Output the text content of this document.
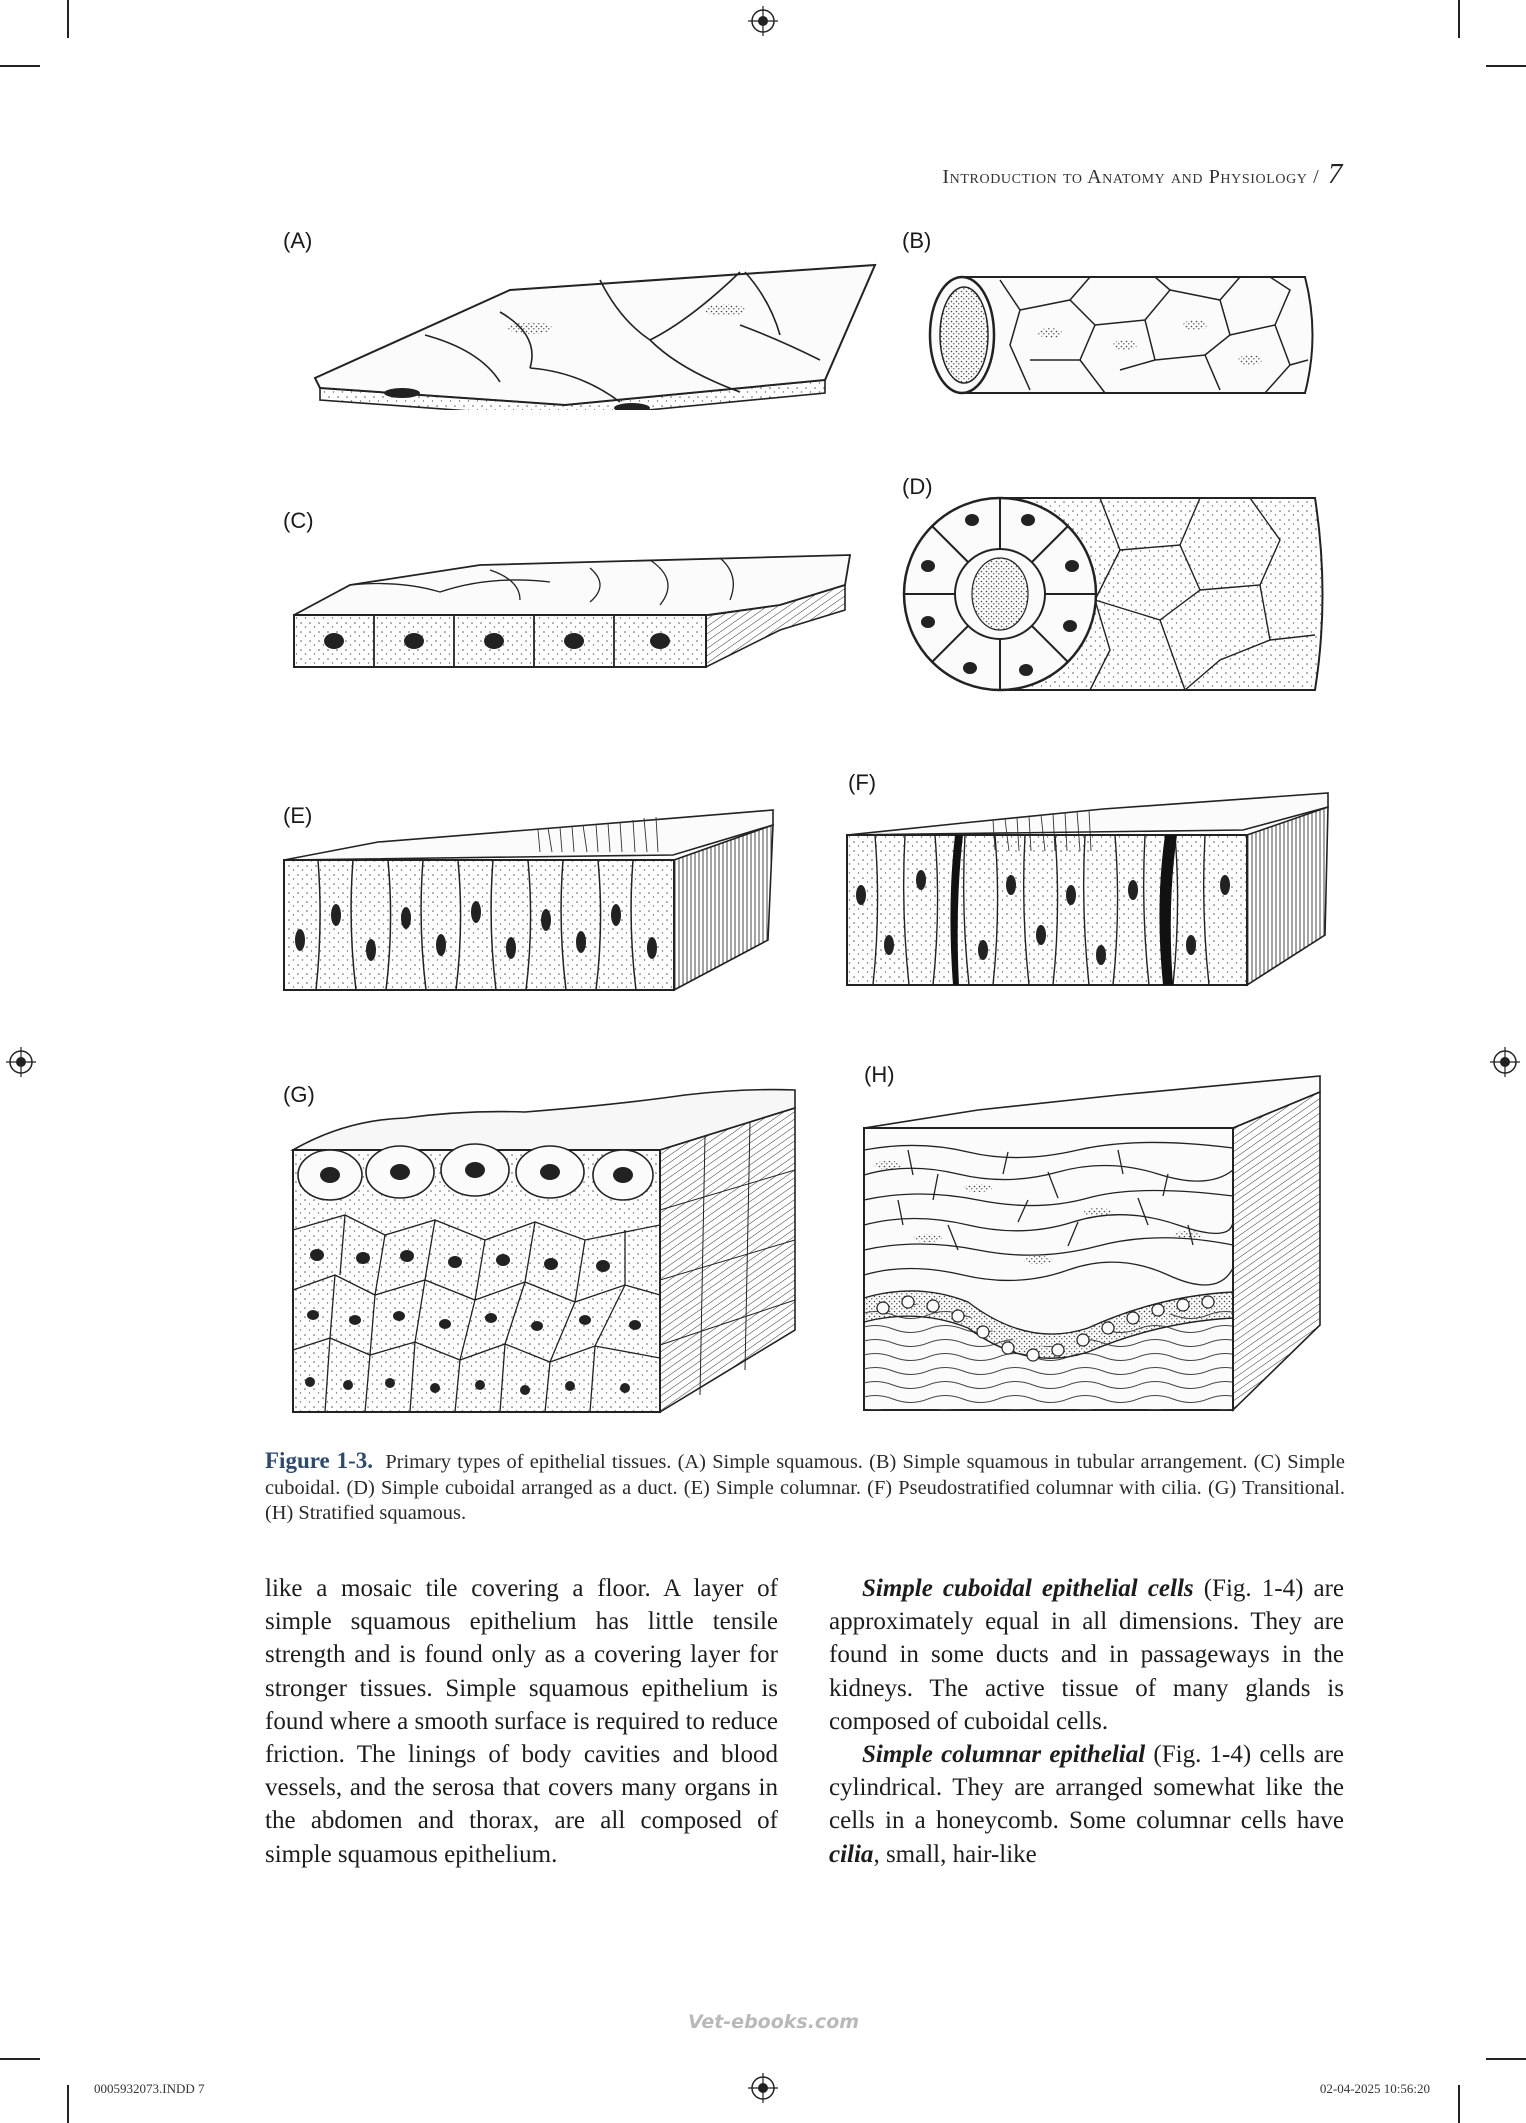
Introduction to Anatomy and Physiology / 7
(A)	(B)
(C)
(D)
(E)
(F)
(G)
(H)
Figure 1-3. Primary types of epithelial tissues. (A) Simple squamous. (B) Simple squamous in tubular arrangement. (C) Simple cuboidal. (D) Simple cuboidal arranged as a duct. (E) Simple columnar. (F) Pseudostratified columnar with cilia. (G) Transitional. (H) Stratified squamous.

like a mosaic tile covering a floor. A layer of simple squamous epithelium has little tensile strength and is found only as a covering layer for stronger tissues. Simple squamous epithelium is found where a smooth surface is required to reduce friction. The linings of body cavities and blood vessels, and the serosa that covers many organs in the abdomen and thorax, are all composed of simple squamous epithelium.

Simple cuboidal epithelial cells (Fig. 1-4) are approximately equal in all dimensions. They are found in some ducts and in passageways in the kidneys. The active tissue of many glands is composed of cuboidal cells.

Simple columnar epithelial (Fig. 1-4) cells are cylindrical. They are arranged somewhat like the cells in a honeycomb. Some columnar cells have cilia, small, hair-like

Vet-ebooks.com
0005932073.INDD 7	02-04-2025 10:56:20
